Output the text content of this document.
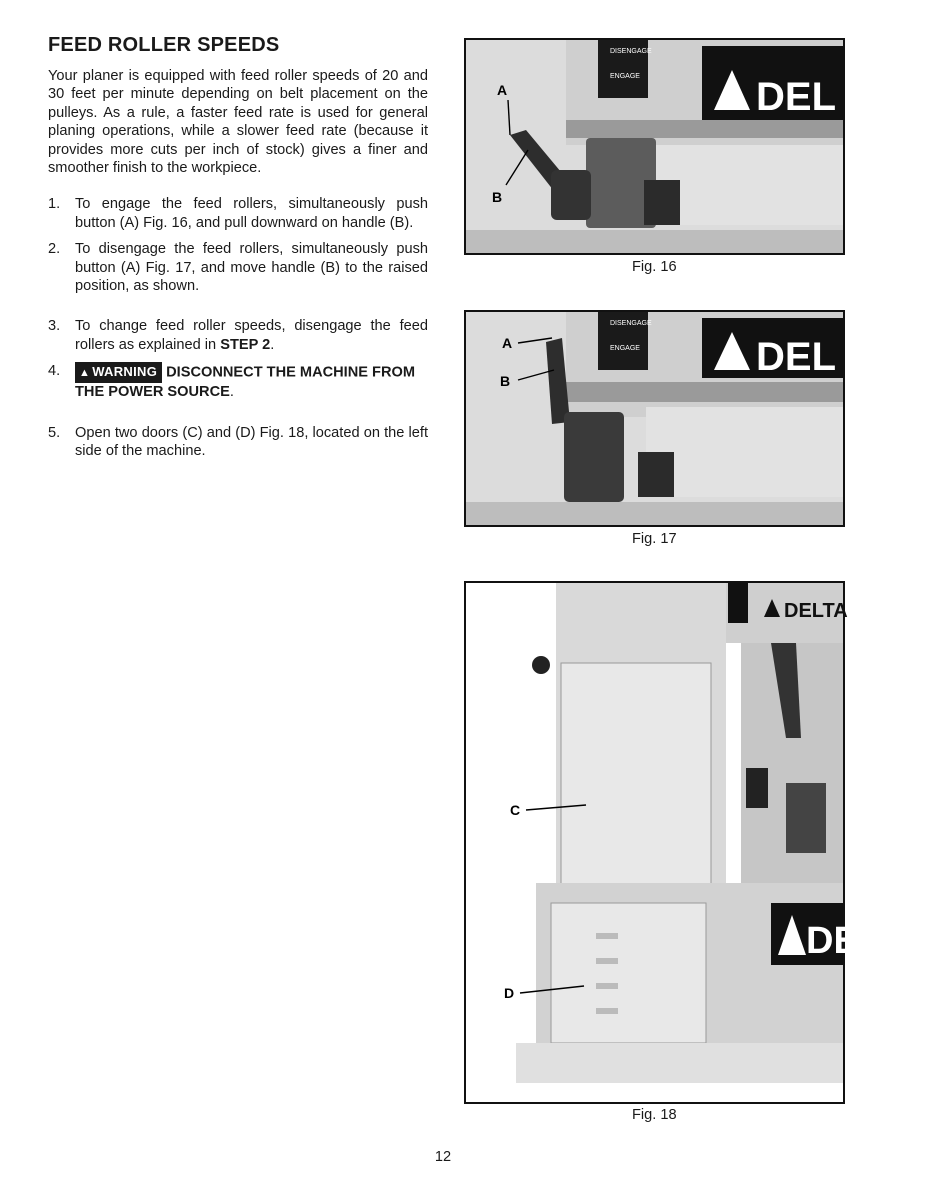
FEED ROLLER SPEEDS

Your planer is equipped with feed roller speeds of 20 and 30 feet per minute depending on belt placement on the pulleys. As a rule, a faster feed rate is used for general planing operations, while a slower feed rate (because it provides more cuts per inch of stock) gives a finer and smoother finish to the workpiece.

1. To engage the feed rollers, simultaneously push button (A) Fig. 16, and pull downward on handle (B).
2. To disengage the feed rollers, simultaneously push button (A) Fig. 17, and move handle (B) to the raised position, as shown.
3. To change feed roller speeds, disengage the feed rollers as explained in STEP 2.
4. ▲ WARNING DISCONNECT THE MACHINE FROM THE POWER SOURCE.
5. Open two doors (C) and (D) Fig. 18, located on the left side of the machine.
DISENGAGE
ENGAGE	DEL
A
B
Fig. 16
DISENGAGE
ENGAGE	DEL
A
B
Fig. 17
DELTA
DE
C
D
Fig. 18
12
